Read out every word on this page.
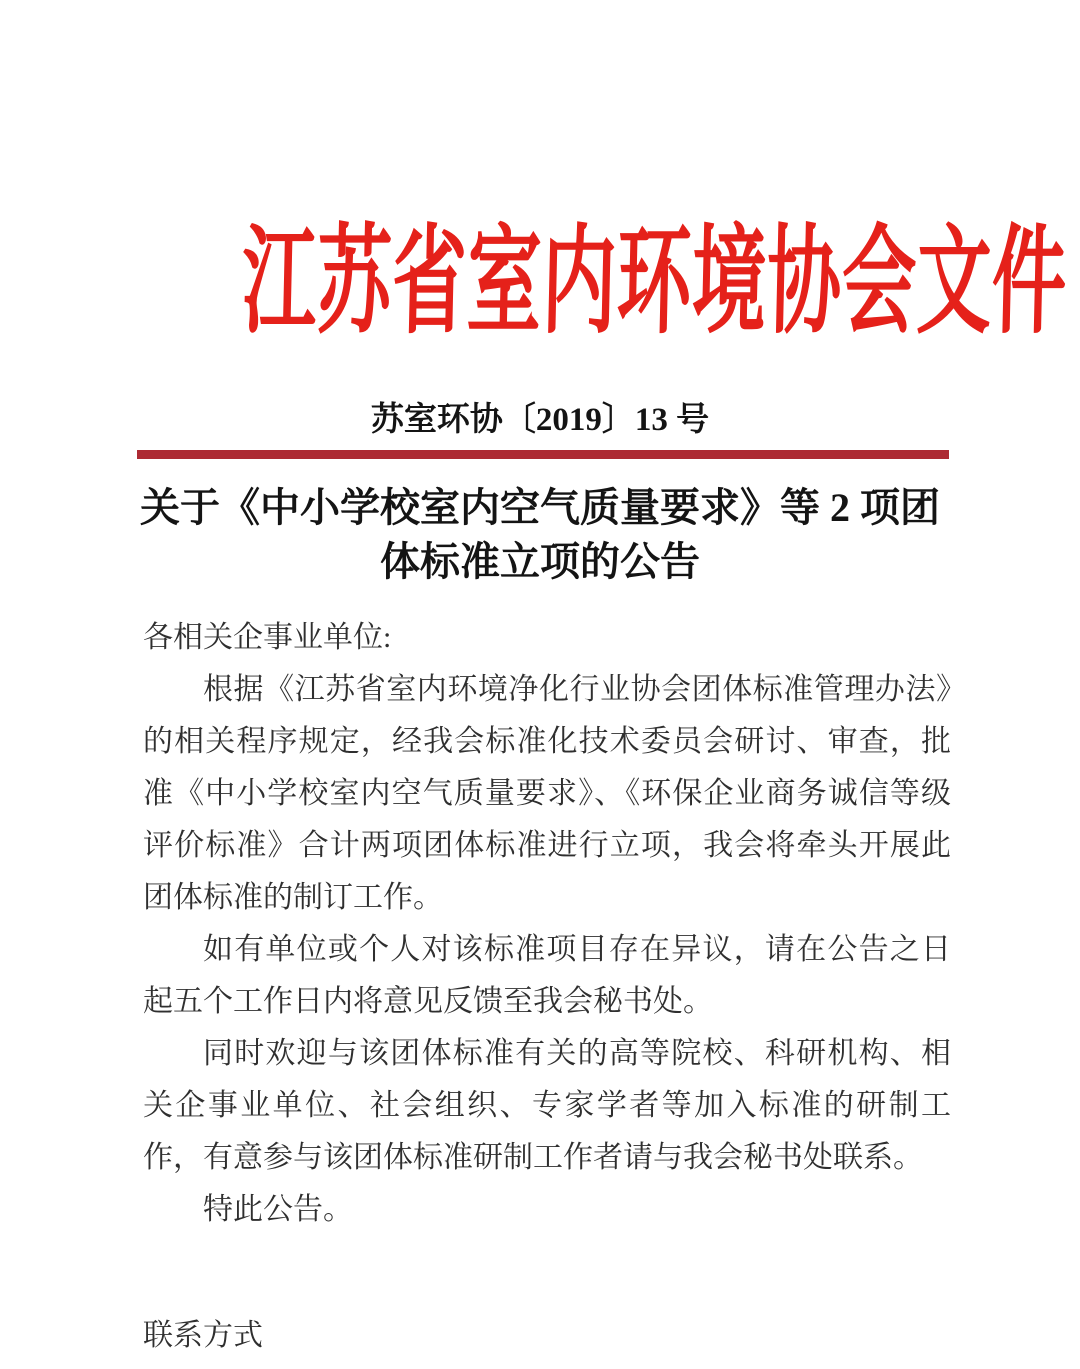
江苏省室内环境协会文件
苏室环协〔2019〕13 号
关于《中小学校室内空气质量要求》等 2 项团
体标准立项的公告

各相关企事业单位:

根据《江苏省室内环境净化行业协会团体标准管理办法》的相关程序规定，经我会标准化技术委员会研讨、审查，批准《中小学校室内空气质量要求》、《环保企业商务诚信等级评价标准》合计两项团体标准进行立项，我会将牵头开展此团体标准的制订工作。

如有单位或个人对该标准项目存在异议，请在公告之日起五个工作日内将意见反馈至我会秘书处。

同时欢迎与该团体标准有关的高等院校、科研机构、相关企事业单位、社会组织、专家学者等加入标准的研制工作，有意参与该团体标准研制工作者请与我会秘书处联系。

特此公告。

联系方式
